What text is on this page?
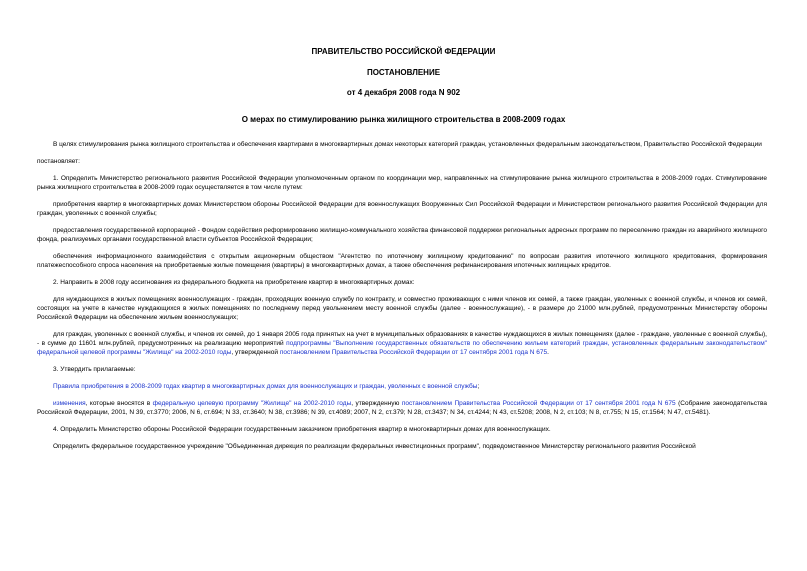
ПРАВИТЕЛЬСТВО РОССИЙСКОЙ ФЕДЕРАЦИИ
ПОСТАНОВЛЕНИЕ
от 4 декабря 2008 года N 902
О мерах по стимулированию рынка жилищного строительства в 2008-2009 годах

В целях стимулирования рынка жилищного строительства и обеспечения квартирами в многоквартирных домах некоторых категорий граждан, установленных федеральным законодательством, Правительство Российской Федерации

постановляет:

1. Определить Министерство регионального развития Российской Федерации уполномоченным органом по координации мер, направленных на стимулирование рынка жилищного строительства в 2008-2009 годах. Стимулирование рынка жилищного строительства в 2008-2009 годах осуществляется в том числе путем:

приобретения квартир в многоквартирных домах Министерством обороны Российской Федерации для военнослужащих Вооруженных Сил Российской Федерации и Министерством регионального развития Российской Федерации для граждан, уволенных с военной службы;

предоставления государственной корпорацией - Фондом содействия реформированию жилищно-коммунального хозяйства финансовой поддержки региональных адресных программ по переселению граждан из аварийного жилищного фонда, реализуемых органами государственной власти субъектов Российской Федерации;

обеспечения информационного взаимодействия с открытым акционерным обществом "Агентство по ипотечному жилищному кредитованию" по вопросам развития ипотечного жилищного кредитования, формирования платежеспособного спроса населения на приобретаемые жилые помещения (квартиры) в многоквартирных домах, а также обеспечения рефинансирования ипотечных жилищных кредитов.

2. Направить в 2008 году ассигнования из федерального бюджета на приобретение квартир в многоквартирных домах:

для нуждающихся в жилых помещениях военнослужащих - граждан, проходящих военную службу по контракту, и совместно проживающих с ними членов их семей, а также граждан, уволенных с военной службы, и членов их семей, состоящих на учете в качестве нуждающихся в жилых помещениях по последнему перед увольнением месту военной службы (далее - военнослужащие), - в размере до 21000 млн.рублей, предусмотренных Министерству обороны Российской Федерации на обеспечение жильем военнослужащих;

для граждан, уволенных с военной службы, и членов их семей, до 1 января 2005 года принятых на учет в муниципальных образованиях в качестве нуждающихся в жилых помещениях (далее - граждане, уволенные с военной службы), - в сумме до 11601 млн.рублей, предусмотренных на реализацию мероприятий подпрограммы "Выполнение государственных обязательств по обеспечению жильем категорий граждан, установленных федеральным законодательством" федеральной целевой программы "Жилище" на 2002-2010 годы, утвержденной постановлением Правительства Российской Федерации от 17 сентября 2001 года N 675.

3. Утвердить прилагаемые:

Правила приобретения в 2008-2009 годах квартир в многоквартирных домах для военнослужащих и граждан, уволенных с военной службы;

изменения, которые вносятся в федеральную целевую программу "Жилище" на 2002-2010 годы, утвержденную постановлением Правительства Российской Федерации от 17 сентября 2001 года N 675 (Собрание законодательства Российской Федерации, 2001, N 39, ст.3770; 2006, N 6, ст.694; N 33, ст.3640; N 38, ст.3986; N 39, ст.4089; 2007, N 2, ст.379; N 28, ст.3437; N 34, ст.4244; N 43, ст.5208; 2008, N 2, ст.103; N 8, ст.755; N 15, ст.1564; N 47, ст.5481).

4. Определить Министерство обороны Российской Федерации государственным заказчиком приобретения квартир в многоквартирных домах для военнослужащих.

Определить федеральное государственное учреждение "Объединенная дирекция по реализации федеральных инвестиционных программ", подведомственное Министерству регионального развития Российской
